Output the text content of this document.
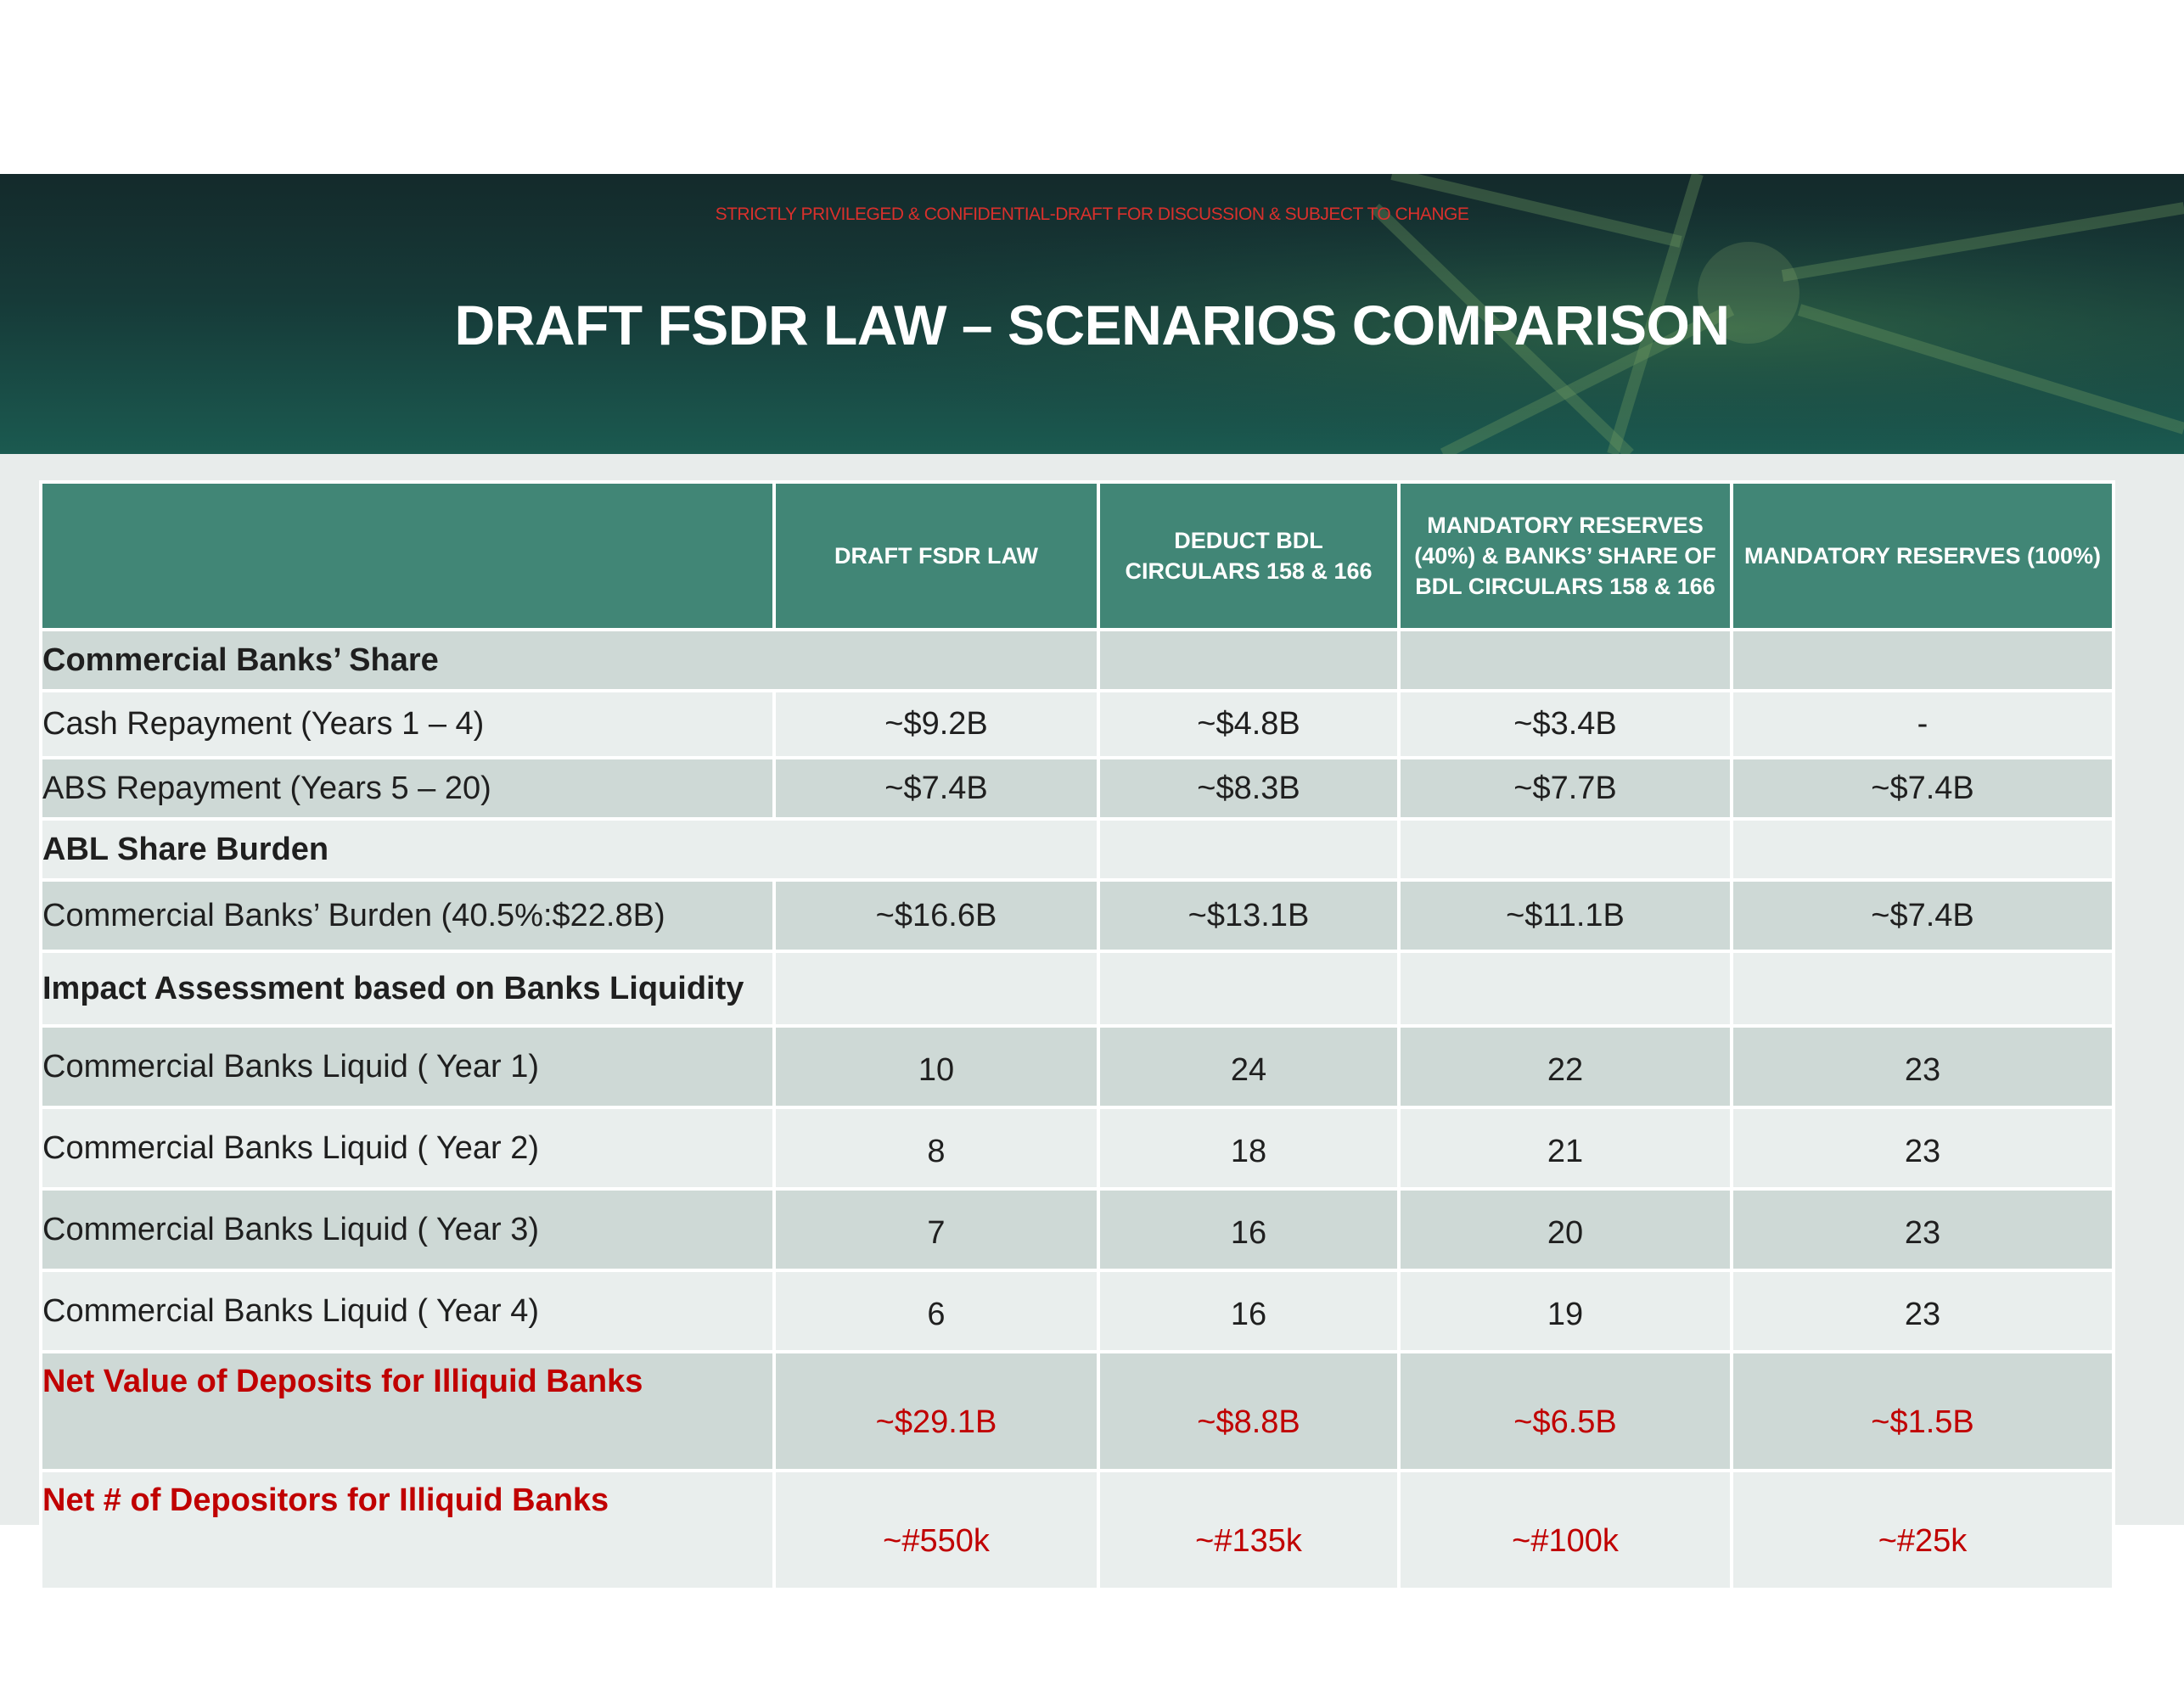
STRICTLY PRIVILEGED & CONFIDENTIAL-DRAFT FOR DISCUSSION & SUBJECT TO CHANGE
DRAFT FSDR LAW – SCENARIOS COMPARISON

	DRAFT FSDR LAW	DEDUCT BDL CIRCULARS 158 & 166	MANDATORY RESERVES (40%) & BANKS’ SHARE OF BDL CIRCULARS 158 & 166	MANDATORY RESERVES (100%)

Commercial Banks’ Share				
Cash Repayment (Years 1 – 4)	~$9.2B	~$4.8B	~$3.4B	-
ABS Repayment (Years 5 – 20)	~$7.4B	~$8.3B	~$7.7B	~$7.4B
ABL Share Burden				
Commercial Banks’ Burden (40.5%:$22.8B)	~$16.6B	~$13.1B	~$11.1B	~$7.4B
Impact Assessment based on Banks Liquidity				
Commercial Banks Liquid ( Year 1)	10	24	22	23
Commercial Banks Liquid ( Year 2)	8	18	21	23
Commercial Banks Liquid ( Year 3)	7	16	20	23
Commercial Banks Liquid ( Year 4)	6	16	19	23
Net Value of Deposits for Illiquid Banks	~$29.1B	~$8.8B	~$6.5B	~$1.5B
Net # of Depositors for Illiquid Banks	~#550k	~#135k	~#100k	~#25k
